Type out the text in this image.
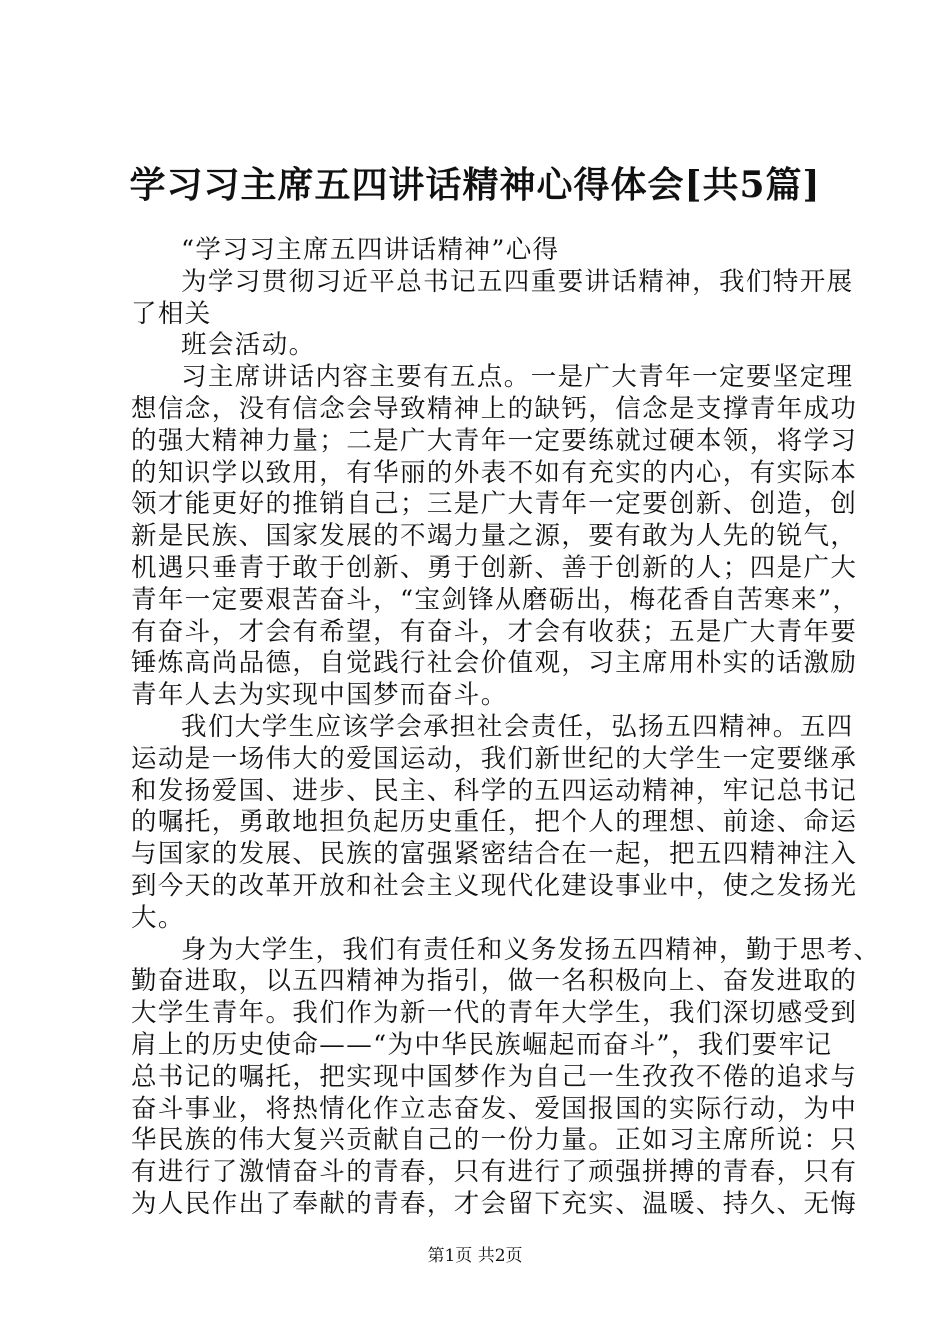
学习习主席五四讲话精神心得体会[共5篇]

“学习习主席五四讲话精神”心得

为学习贯彻习近平总书记五四重要讲话精神，我们特开展
了相关

班会活动。

习主席讲话内容主要有五点。一是广大青年一定要坚定理
想信念，没有信念会导致精神上的缺钙，信念是支撑青年成功
的强大精神力量；二是广大青年一定要练就过硬本领，将学习
的知识学以致用，有华丽的外表不如有充实的内心，有实际本
领才能更好的推销自己；三是广大青年一定要创新、创造，创
新是民族、国家发展的不竭力量之源，要有敢为人先的锐气，
机遇只垂青于敢于创新、勇于创新、善于创新的人；四是广大
青年一定要艰苦奋斗，“宝剑锋从磨砺出，梅花香自苦寒来”，
有奋斗，才会有希望，有奋斗，才会有收获；五是广大青年要
锤炼高尚品德，自觉践行社会价值观，习主席用朴实的话激励
青年人去为实现中国梦而奋斗。

我们大学生应该学会承担社会责任，弘扬五四精神。五四
运动是一场伟大的爱国运动，我们新世纪的大学生一定要继承
和发扬爱国、进步、民主、科学的五四运动精神，牢记总书记
的嘱托，勇敢地担负起历史重任，把个人的理想、前途、命运
与国家的发展、民族的富强紧密结合在一起，把五四精神注入
到今天的改革开放和社会主义现代化建设事业中，使之发扬光
大。

身为大学生，我们有责任和义务发扬五四精神，勤于思考、
勤奋进取，以五四精神为指引，做一名积极向上、奋发进取的
大学生青年。我们作为新一代的青年大学生，我们深切感受到
肩上的历史使命——“为中华民族崛起而奋斗”，我们要牢记
总书记的嘱托，把实现中国梦作为自己一生孜孜不倦的追求与
奋斗事业，将热情化作立志奋发、爱国报国的实际行动，为中
华民族的伟大复兴贡献自己的一份力量。正如习主席所说：只
有进行了激情奋斗的青春，只有进行了顽强拼搏的青春，只有
为人民作出了奉献的青春，才会留下充实、温暖、持久、无悔

第1页 共2页
